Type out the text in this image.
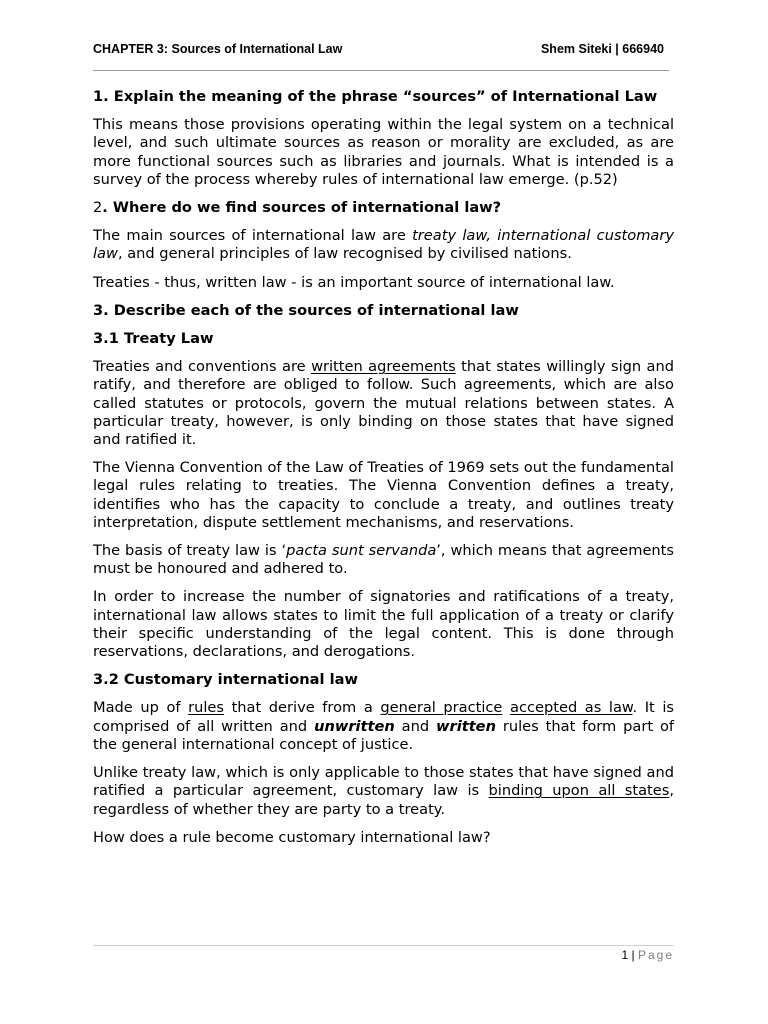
CHAPTER 3: Sources of International Law	Shem Siteki | 666940
1. Explain the meaning of the phrase “sources” of International Law

This means those provisions operating within the legal system on a technical level, and such ultimate sources as reason or morality are excluded, as are more functional sources such as libraries and journals. What is intended is a survey of the process whereby rules of international law emerge. (p.52)

2. Where do we find sources of international law?

The main sources of international law are treaty law, international customary law, and general principles of law recognised by civilised nations.

Treaties - thus, written law - is an important source of international law.

3. Describe each of the sources of international law
3.1 Treaty Law

Treaties and conventions are written agreements that states willingly sign and ratify, and therefore are obliged to follow. Such agreements, which are also called statutes or protocols, govern the mutual relations between states. A particular treaty, however, is only binding on those states that have signed and ratified it.

The Vienna Convention of the Law of Treaties of 1969 sets out the fundamental legal rules relating to treaties. The Vienna Convention defines a treaty, identifies who has the capacity to conclude a treaty, and outlines treaty interpretation, dispute settlement mechanisms, and reservations.

The basis of treaty law is ‘pacta sunt servanda’, which means that agreements must be honoured and adhered to.

In order to increase the number of signatories and ratifications of a treaty, international law allows states to limit the full application of a treaty or clarify their specific understanding of the legal content. This is done through reservations, declarations, and derogations.

3.2 Customary international law

Made up of rules that derive from a general practice accepted as law. It is comprised of all written and unwritten and written rules that form part of the general international concept of justice.

Unlike treaty law, which is only applicable to those states that have signed and ratified a particular agreement, customary law is binding upon all states, regardless of whether they are party to a treaty.

How does a rule become customary international law?

1 | Page
